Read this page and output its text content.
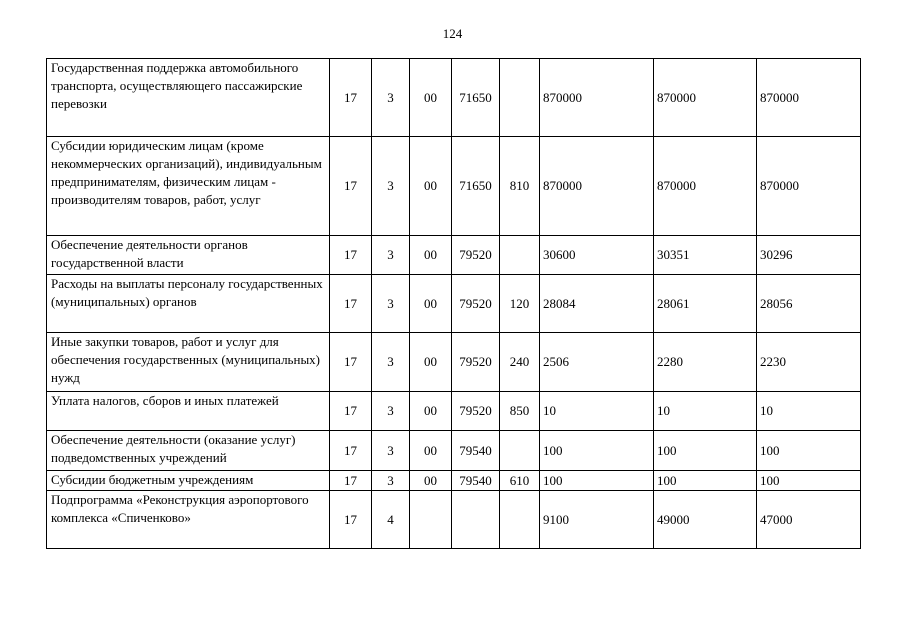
124
Государственная поддержка автомобильного транспорта, осуществляющего пассажирские перевозки	17	3	00	71650		870000	870000	870000
Субсидии юридическим лицам (кроме некоммерческих организаций), индивидуальным предпринимателям, физическим лицам - производителям товаров, работ, услуг	17	3	00	71650	810	870000	870000	870000
Обеспечение деятельности органов государственной власти	17	3	00	79520		30600	30351	30296
Расходы на выплаты персоналу государственных (муниципальных) органов	17	3	00	79520	120	28084	28061	28056
Иные закупки товаров, работ и услуг для обеспечения государственных (муниципальных) нужд	17	3	00	79520	240	2506	2280	2230
Уплата налогов, сборов и иных платежей	17	3	00	79520	850	10	10	10
Обеспечение деятельности (оказание услуг) подведомственных учреждений	17	3	00	79540		100	100	100
Субсидии бюджетным учреждениям	17	3	00	79540	610	100	100	100
Подпрограмма «Реконструкция аэропортового комплекса «Спиченково»	17	4				9100	49000	47000
